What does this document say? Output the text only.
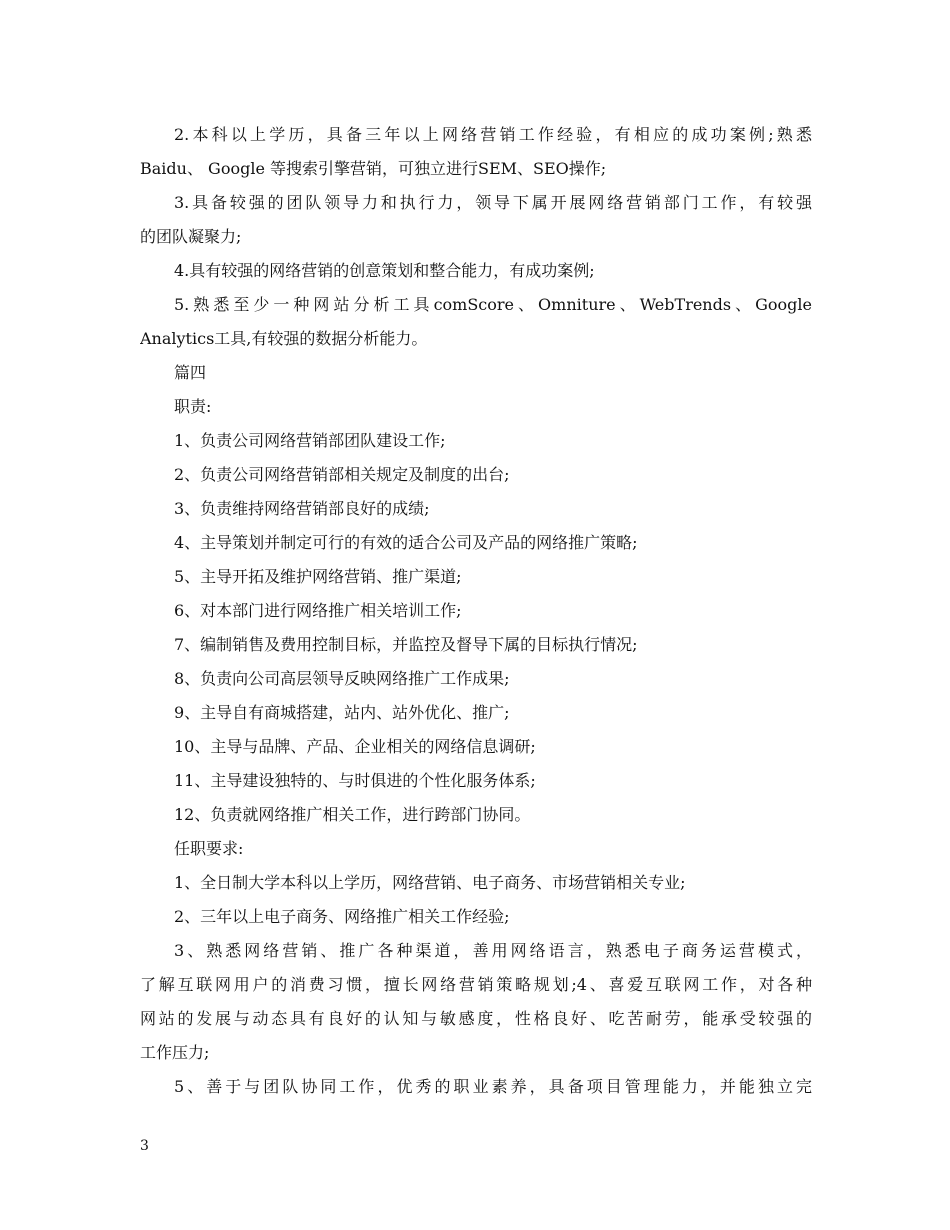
2.本科以上学历，具备三年以上网络营销工作经验，有相应的成功案例;熟悉
Baidu、 Google 等搜索引擎营销，可独立进行SEM、SEO操作;
3.具备较强的团队领导力和执行力，领导下属开展网络营销部门工作，有较强
的团队凝聚力;
4.具有较强的网络营销的创意策划和整合能力，有成功案例;
5.熟悉至少一种网站分析工具comScore、Omniture、WebTrends、Google
Analytics工具,有较强的数据分析能力。
篇四
职责:
1、负责公司网络营销部团队建设工作;
2、负责公司网络营销部相关规定及制度的出台;
3、负责维持网络营销部良好的成绩;
4、主导策划并制定可行的有效的适合公司及产品的网络推广策略;
5、主导开拓及维护网络营销、推广渠道;
6、对本部门进行网络推广相关培训工作;
7、编制销售及费用控制目标，并监控及督导下属的目标执行情况;
8、负责向公司高层领导反映网络推广工作成果;
9、主导自有商城搭建，站内、站外优化、推广;
10、主导与品牌、产品、企业相关的网络信息调研;
11、主导建设独特的、与时俱进的个性化服务体系;
12、负责就网络推广相关工作，进行跨部门协同。
任职要求:
1、全日制大学本科以上学历，网络营销、电子商务、市场营销相关专业;
2、三年以上电子商务、网络推广相关工作经验;
3、熟悉网络营销、推广各种渠道，善用网络语言，熟悉电子商务运营模式，
了解互联网用户的消费习惯，擅长网络营销策略规划;4、喜爱互联网工作，对各种
网站的发展与动态具有良好的认知与敏感度，性格良好、吃苦耐劳，能承受较强的
工作压力;
5、善于与团队协同工作，优秀的职业素养，具备项目管理能力，并能独立完
3
